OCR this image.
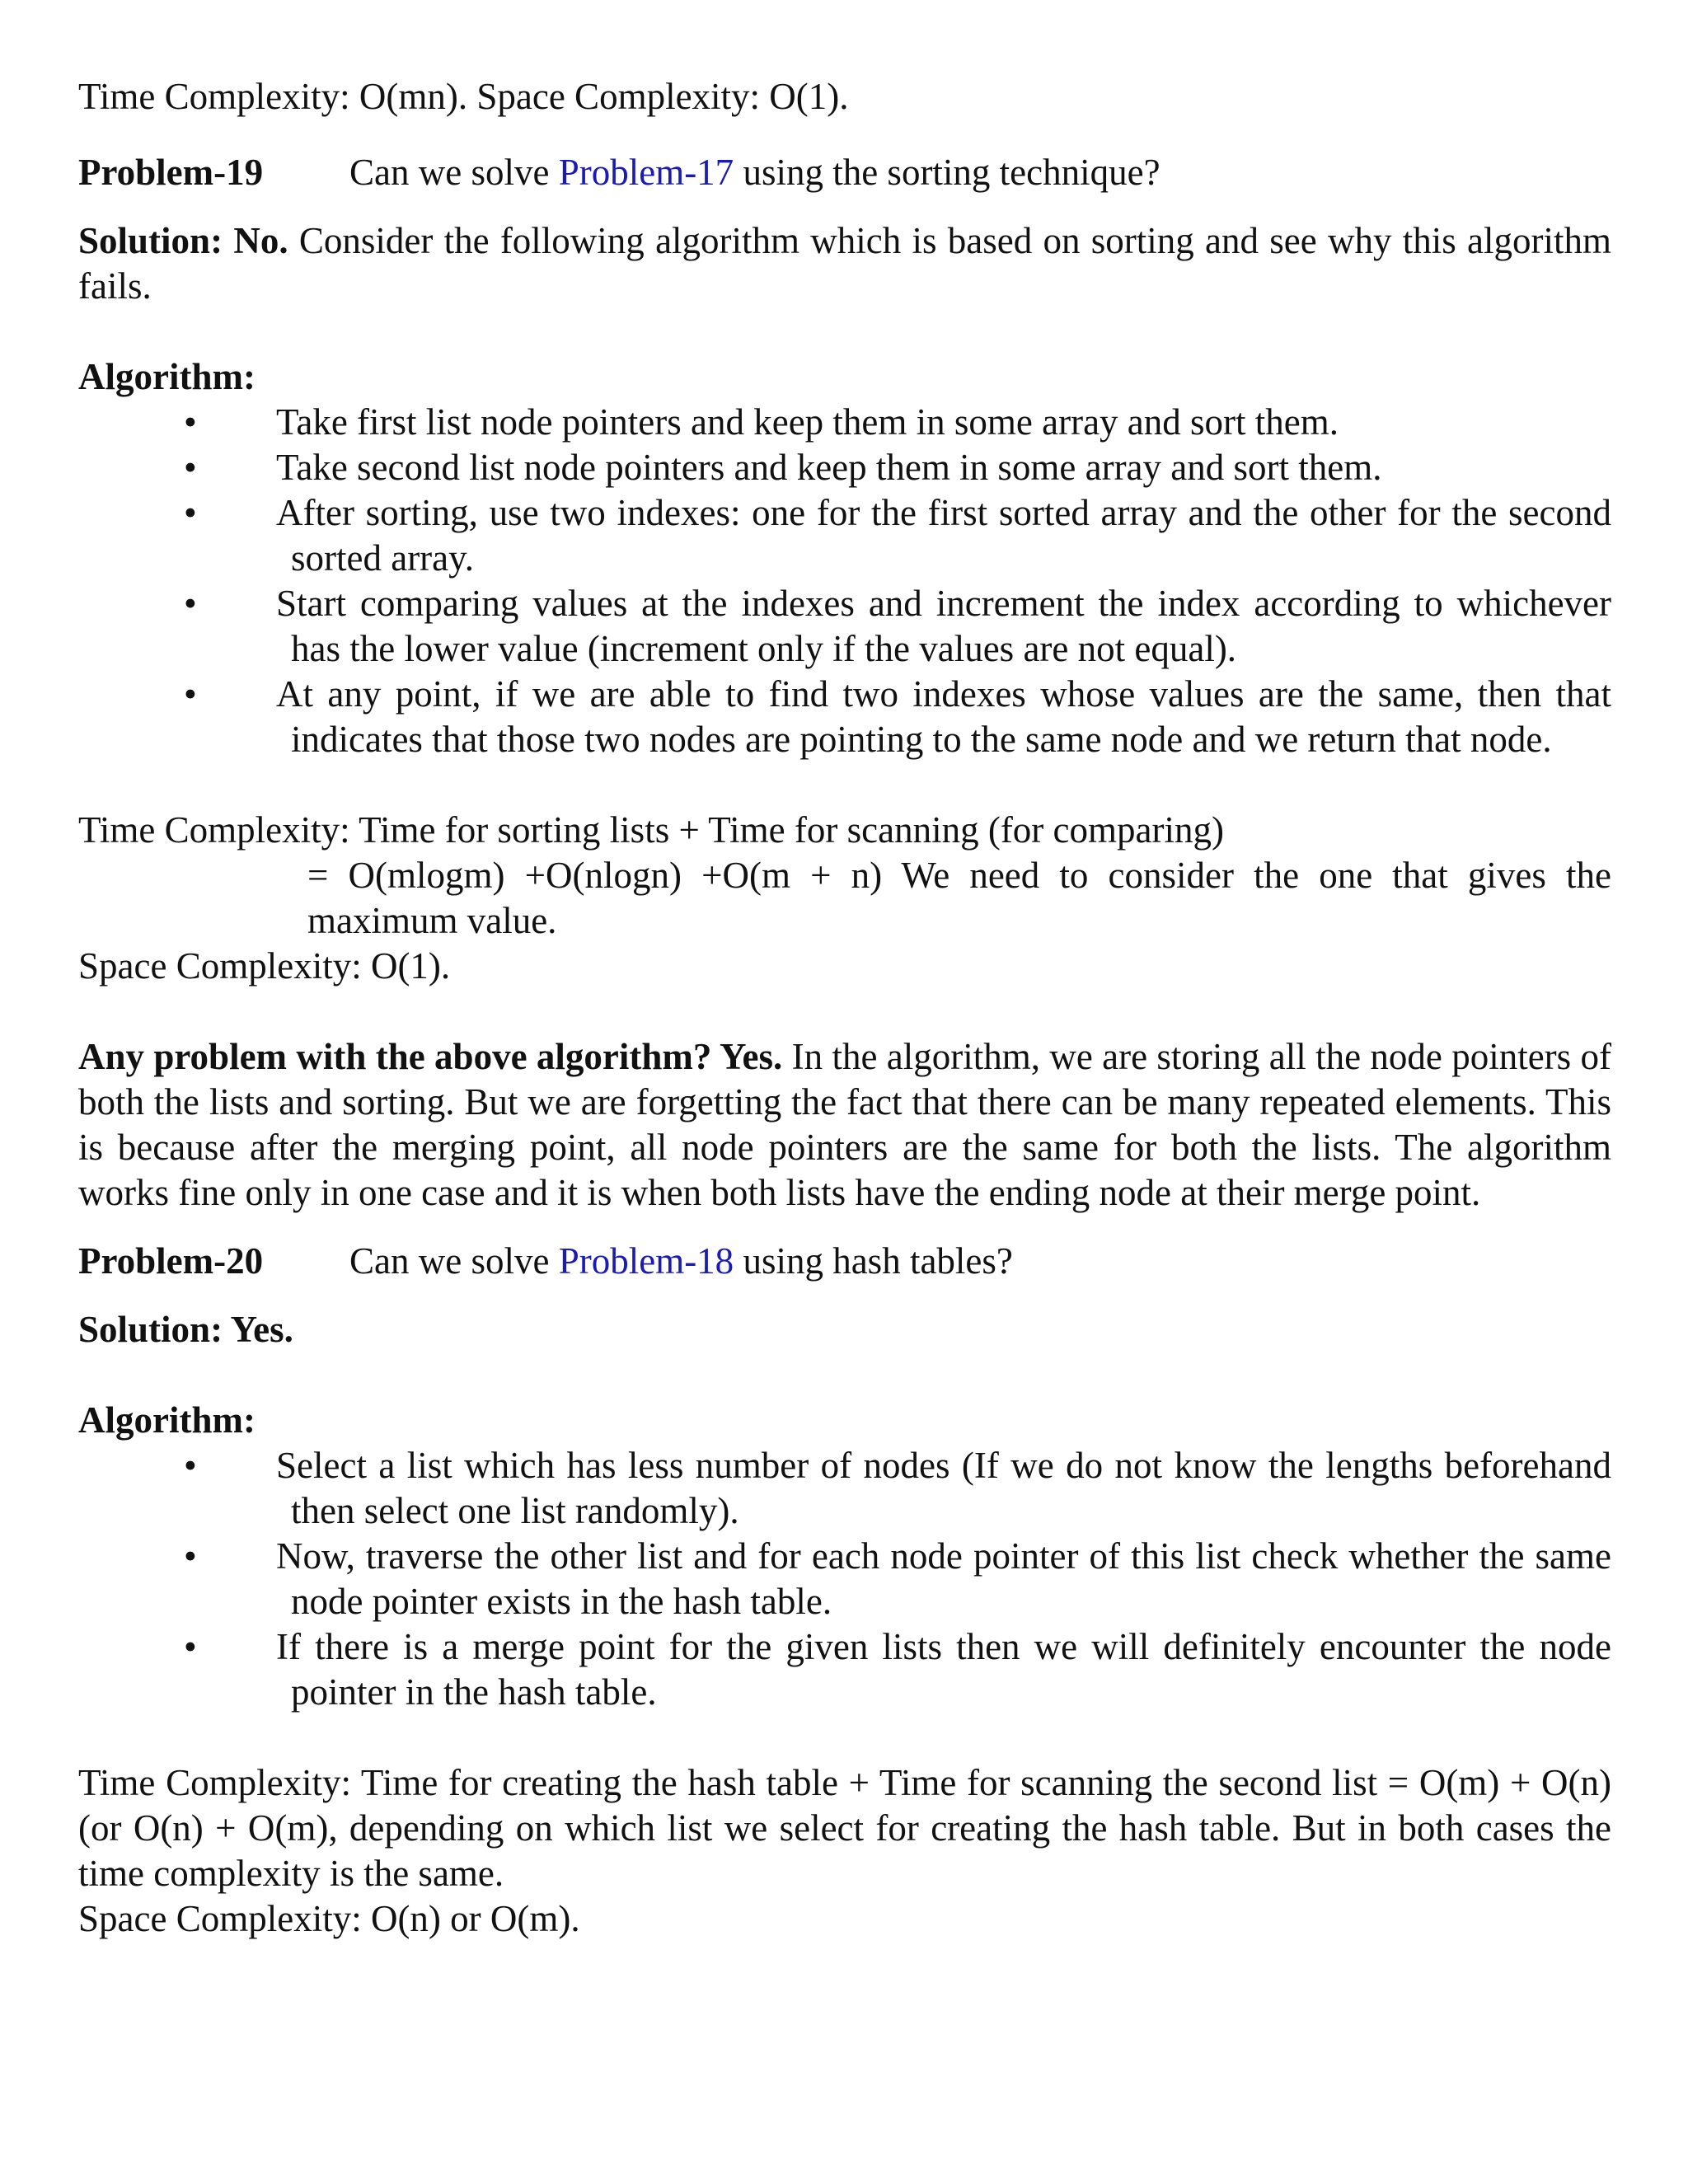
Time Complexity: O(mn). Space Complexity: O(1).

Problem-19	Can we solve Problem-17 using the sorting technique?

Solution: No. Consider the following algorithm which is based on sorting and see why this algorithm fails.

Algorithm:

• Take first list node pointers and keep them in some array and sort them.
• Take second list node pointers and keep them in some array and sort them.
• After sorting, use two indexes: one for the first sorted array and the other for the second sorted array.
• Start comparing values at the indexes and increment the index according to whichever has the lower value (increment only if the values are not equal).
• At any point, if we are able to find two indexes whose values are the same, then that indicates that those two nodes are pointing to the same node and we return that node.

Time Complexity: Time for sorting lists + Time for scanning (for comparing)

= O(mlogm) +O(nlogn) +O(m + n) We need to consider the one that gives the maximum value.

Space Complexity: O(1).

Any problem with the above algorithm? Yes. In the algorithm, we are storing all the node pointers of both the lists and sorting. But we are forgetting the fact that there can be many repeated elements. This is because after the merging point, all node pointers are the same for both the lists. The algorithm works fine only in one case and it is when both lists have the ending node at their merge point.

Problem-20	Can we solve Problem-18 using hash tables?

Solution: Yes.

Algorithm:

• Select a list which has less number of nodes (If we do not know the lengths beforehand then select one list randomly).
• Now, traverse the other list and for each node pointer of this list check whether the same node pointer exists in the hash table.
• If there is a merge point for the given lists then we will definitely encounter the node pointer in the hash table.

Time Complexity: Time for creating the hash table + Time for scanning the second list = O(m) + O(n) (or O(n) + O(m), depending on which list we select for creating the hash table. But in both cases the time complexity is the same.

Space Complexity: O(n) or O(m).
